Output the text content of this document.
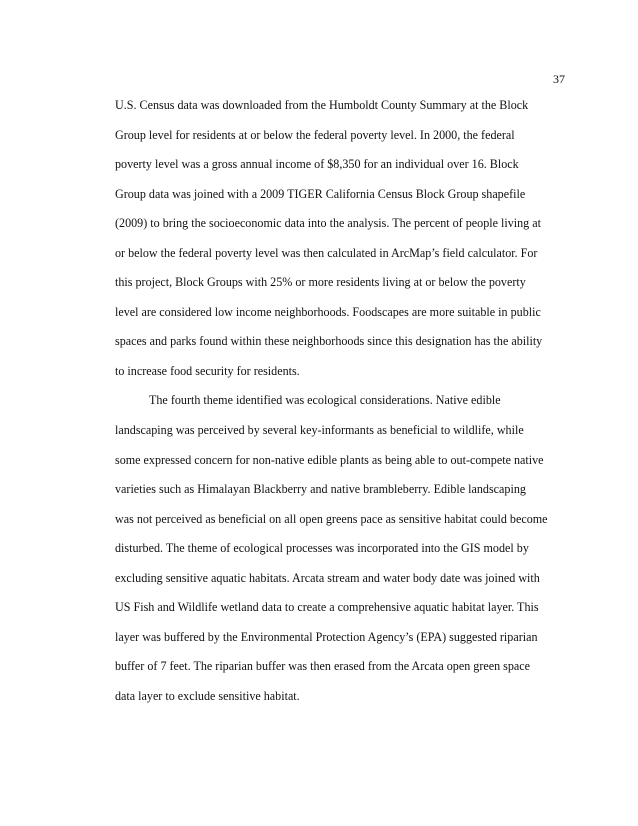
37
U.S. Census data was downloaded from the Humboldt County Summary at the Block
Group level for residents at or below the federal poverty level. In 2000, the federal
poverty level was a gross annual income of $8,350 for an individual over 16. Block
Group data was joined with a 2009 TIGER California Census Block Group shapefile
(2009) to bring the socioeconomic data into the analysis. The percent of people living at
or below the federal poverty level was then calculated in ArcMap’s field calculator. For
this project, Block Groups with 25% or more residents living at or below the poverty
level are considered low income neighborhoods. Foodscapes are more suitable in public
spaces and parks found within these neighborhoods since this designation has the ability
to increase food security for residents.
The fourth theme identified was ecological considerations. Native edible
landscaping was perceived by several key-informants as beneficial to wildlife, while
some expressed concern for non-native edible plants as being able to out-compete native
varieties such as Himalayan Blackberry and native brambleberry. Edible landscaping
was not perceived as beneficial on all open greens pace as sensitive habitat could become
disturbed. The theme of ecological processes was incorporated into the GIS model by
excluding sensitive aquatic habitats. Arcata stream and water body date was joined with
US Fish and Wildlife wetland data to create a comprehensive aquatic habitat layer. This
layer was buffered by the Environmental Protection Agency’s (EPA) suggested riparian
buffer of 7 feet. The riparian buffer was then erased from the Arcata open green space
data layer to exclude sensitive habitat.
